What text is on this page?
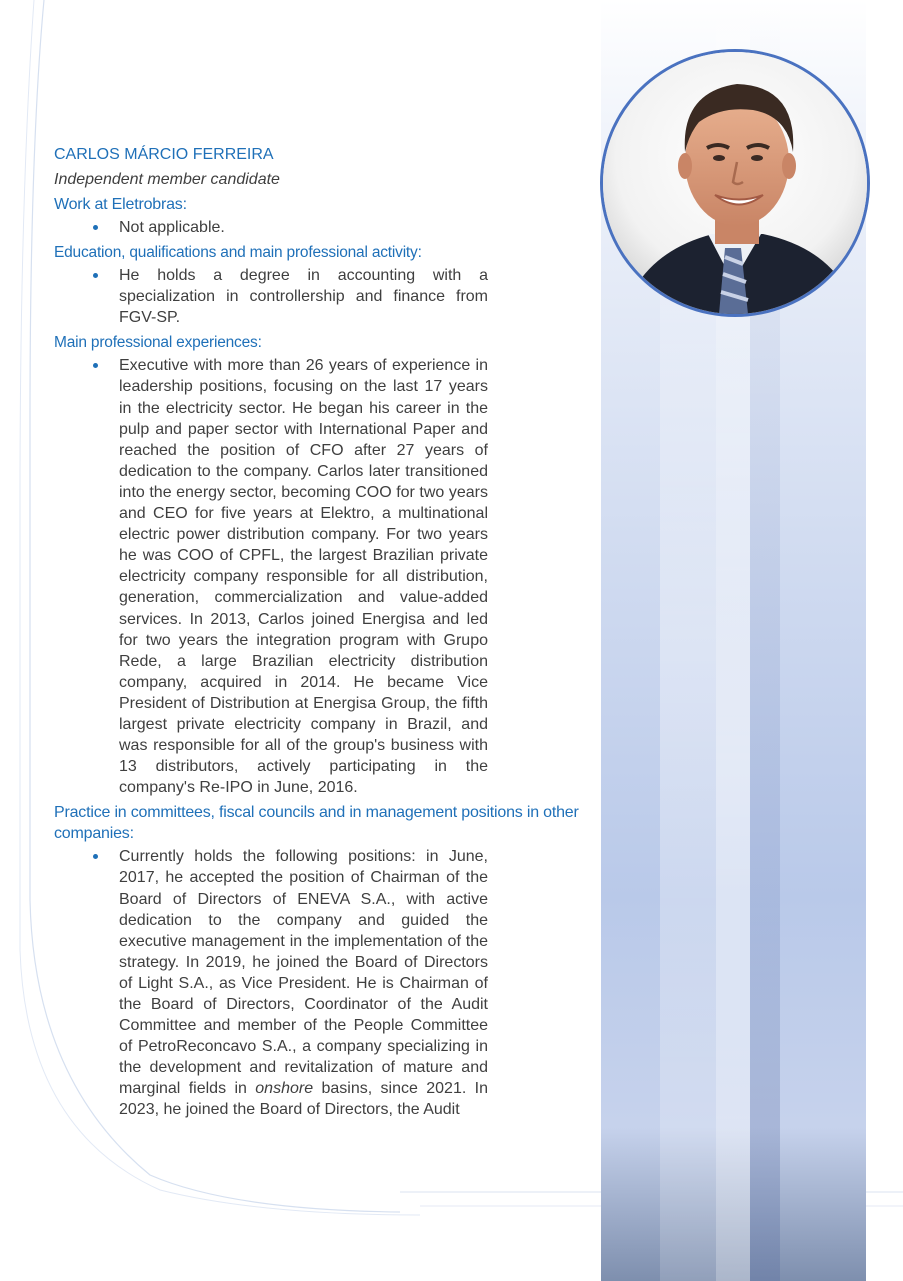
CARLOS MÁRCIO FERREIRA

Independent member candidate

Work at Eletrobras:

Not applicable.

Education, qualifications and main professional activity:

He holds a degree in accounting with a specialization in controllership and finance from FGV-SP.

Main professional experiences:

Executive with more than 26 years of experience in leadership positions, focusing on the last 17 years in the electricity sector. He began his career in the pulp and paper sector with International Paper and reached the position of CFO after 27 years of dedication to the company. Carlos later transitioned into the energy sector, becoming COO for two years and CEO for five years at Elektro, a multinational electric power distribution company. For two years he was COO of CPFL, the largest Brazilian private electricity company responsible for all distribution, generation, commercialization and value-added services. In 2013, Carlos joined Energisa and led for two years the integration program with Grupo Rede, a large Brazilian electricity distribution company, acquired in 2014. He became Vice President of Distribution at Energisa Group, the fifth largest private electricity company in Brazil, and was responsible for all of the group's business with 13 distributors, actively participating in the company's Re-IPO in June, 2016.

Practice in committees, fiscal councils and in management positions in other companies:

Currently holds the following positions: in June, 2017, he accepted the position of Chairman of the Board of Directors of ENEVA S.A., with active dedication to the company and guided the executive management in the implementation of the strategy. In 2019, he joined the Board of Directors of Light S.A., as Vice President. He is Chairman of the Board of Directors, Coordinator of the Audit Committee and member of the People Committee of PetroReconcavo S.A., a company specializing in the development and revitalization of mature and marginal fields in onshore basins, since 2021. In 2023, he joined the Board of Directors, the Audit
